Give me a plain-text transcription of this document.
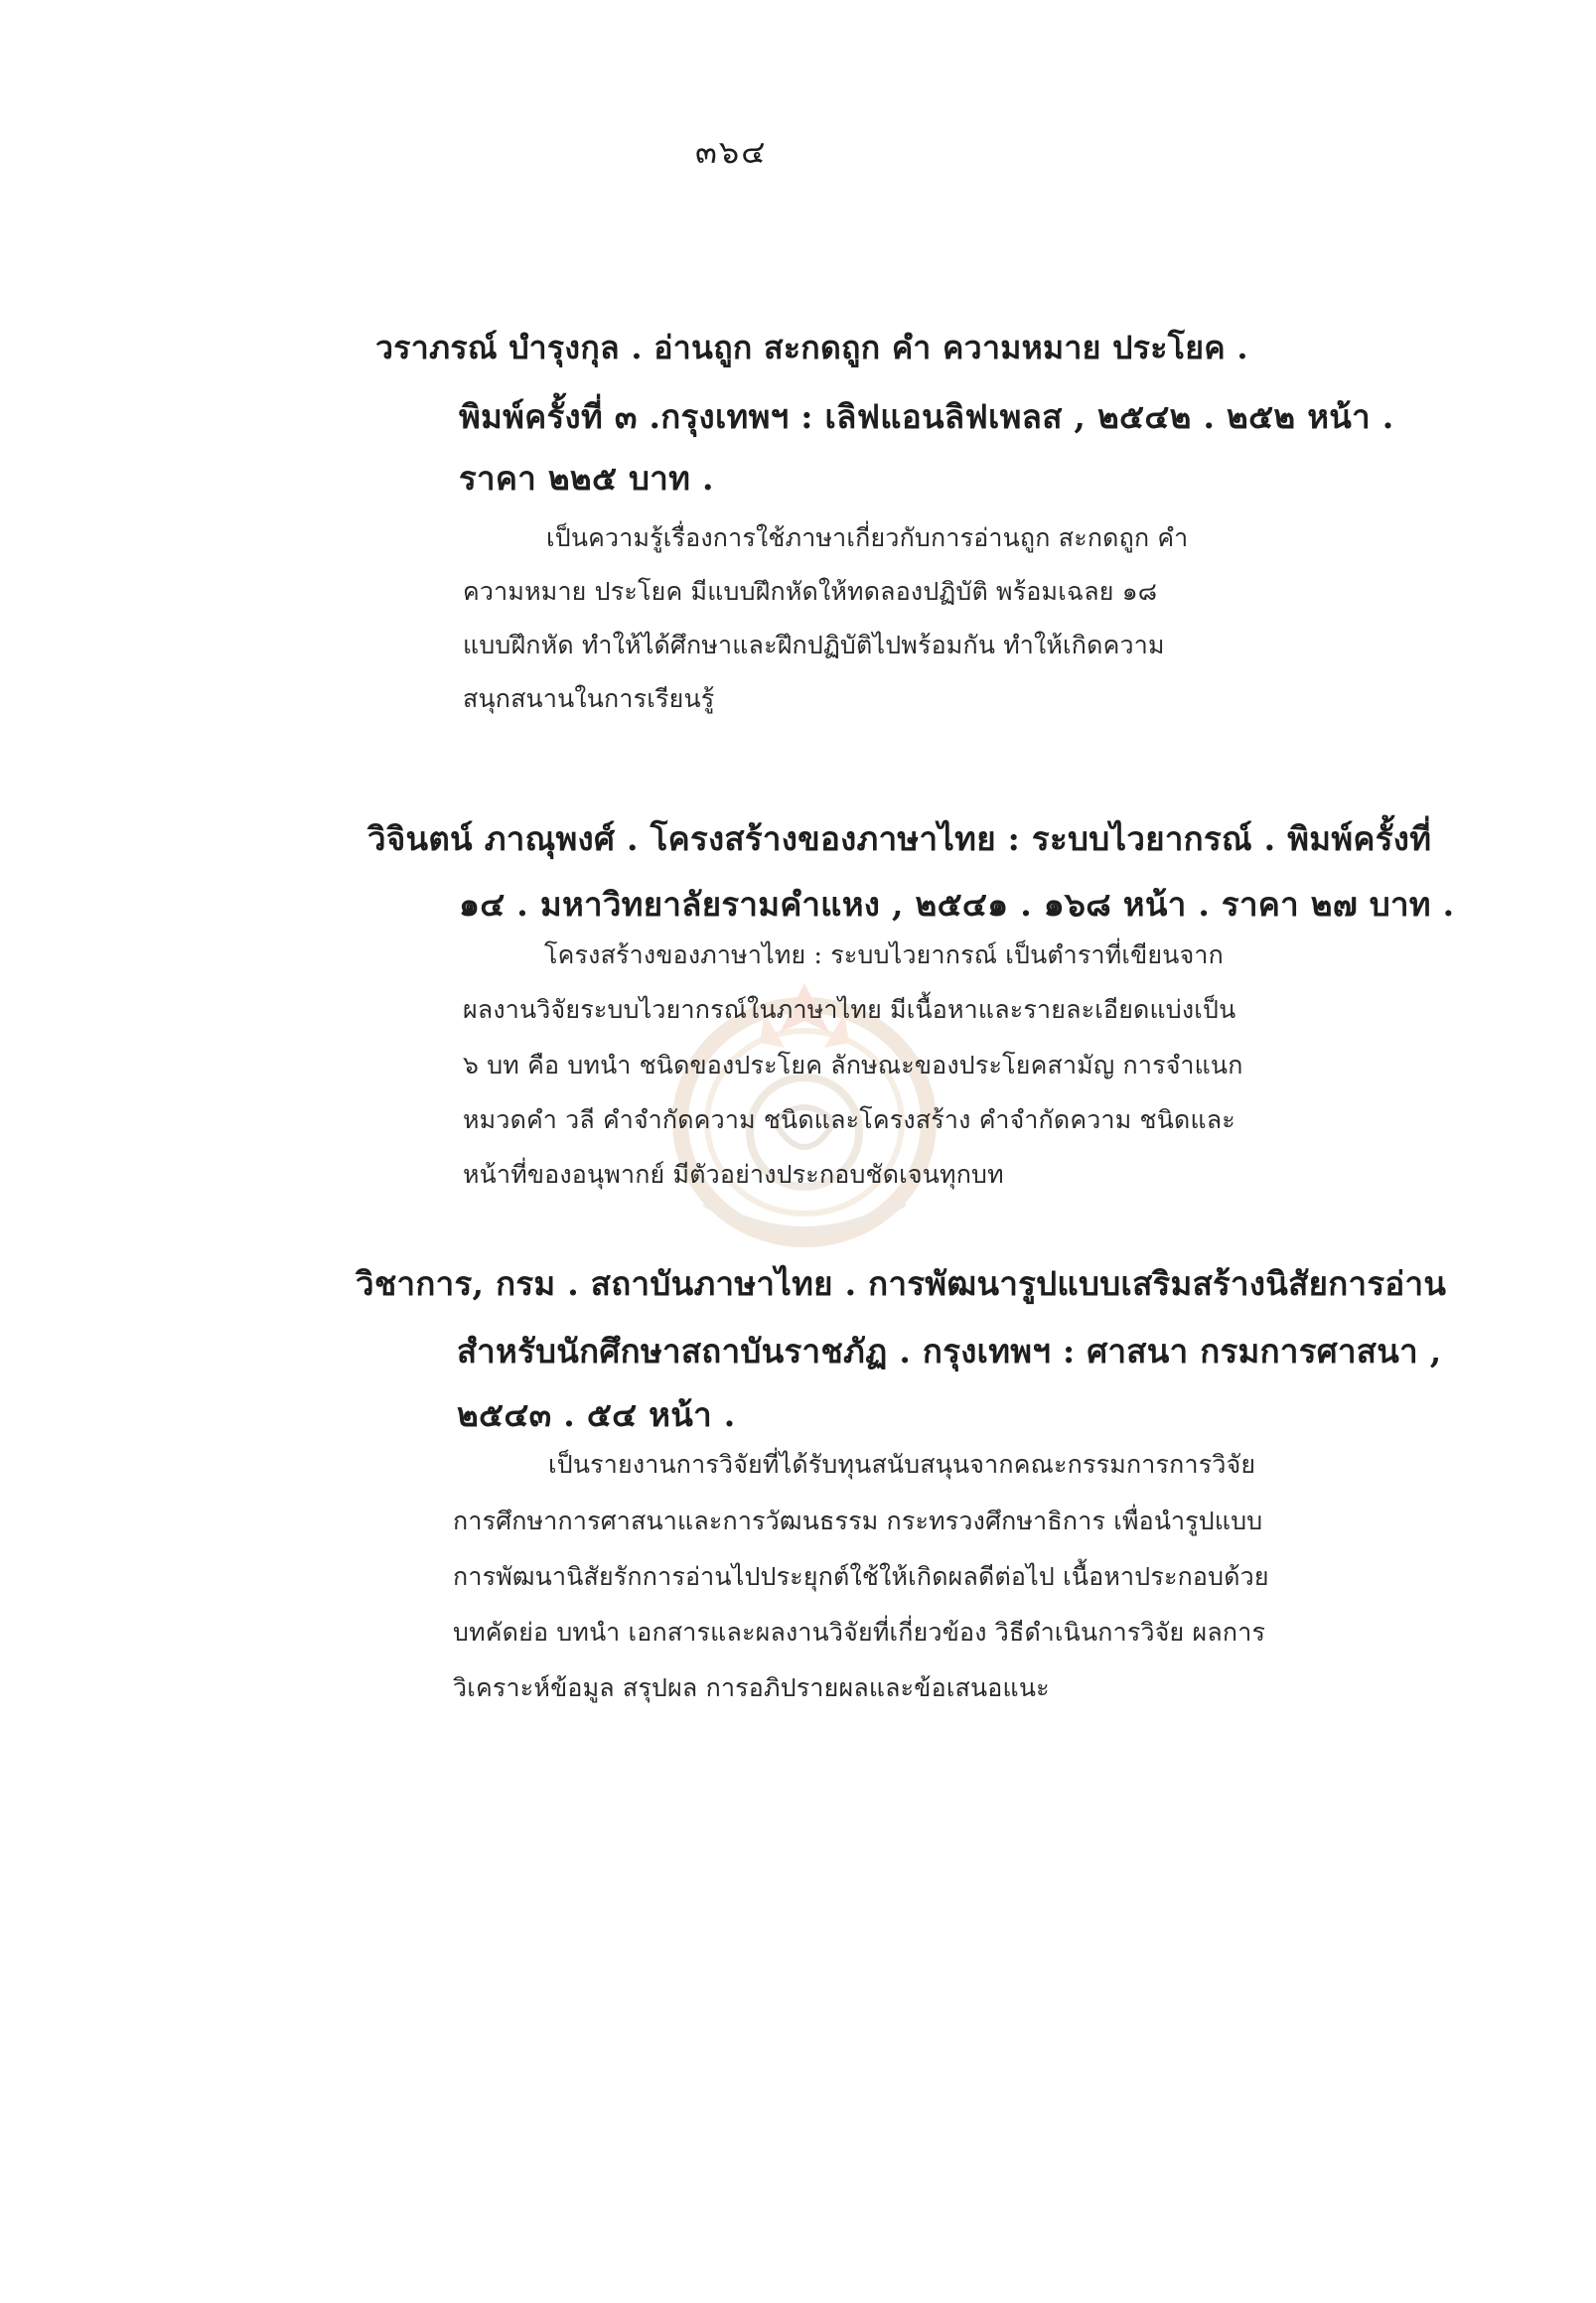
๓๖๔
วราภรณ์ บำรุงกุล . อ่านถูก สะกดถูก คำ ความหมาย ประโยค .
พิมพ์ครั้งที่ ๓ .กรุงเทพฯ : เลิฟแอนลิฟเพลส , ๒๕๔๒ . ๒๕๒ หน้า .
ราคา ๒๒๕ บาท .
เป็นความรู้เรื่องการใช้ภาษาเกี่ยวกับการอ่านถูก สะกดถูก คำ
ความหมาย ประโยค มีแบบฝึกหัดให้ทดลองปฏิบัติ พร้อมเฉลย ๑๘
แบบฝึกหัด ทำให้ได้ศึกษาและฝึกปฏิบัติไปพร้อมกัน ทำให้เกิดความ
สนุกสนานในการเรียนรู้
วิจินตน์ ภาณุพงศ์ . โครงสร้างของภาษาไทย : ระบบไวยากรณ์ . พิมพ์ครั้งที่
๑๔ . มหาวิทยาลัยรามคำแหง , ๒๕๔๑ . ๑๖๘ หน้า . ราคา ๒๗ บาท .
โครงสร้างของภาษาไทย : ระบบไวยากรณ์ เป็นตำราที่เขียนจาก
ผลงานวิจัยระบบไวยากรณ์ในภาษาไทย มีเนื้อหาและรายละเอียดแบ่งเป็น
๖ บท คือ บทนำ ชนิดของประโยค ลักษณะของประโยคสามัญ การจำแนก
หมวดคำ วลี คำจำกัดความ ชนิดและโครงสร้าง คำจำกัดความ ชนิดและ
หน้าที่ของอนุพากย์ มีตัวอย่างประกอบชัดเจนทุกบท
วิชาการ, กรม . สถาบันภาษาไทย . การพัฒนารูปแบบเสริมสร้างนิสัยการอ่าน
สำหรับนักศึกษาสถาบันราชภัฏ . กรุงเทพฯ : ศาสนา กรมการศาสนา ,
๒๕๔๓ . ๕๔ หน้า .
เป็นรายงานการวิจัยที่ได้รับทุนสนับสนุนจากคณะกรรมการการวิจัย
การศึกษาการศาสนาและการวัฒนธรรม กระทรวงศึกษาธิการ เพื่อนำรูปแบบ
การพัฒนานิสัยรักการอ่านไปประยุกต์ใช้ให้เกิดผลดีต่อไป เนื้อหาประกอบด้วย
บทคัดย่อ บทนำ เอกสารและผลงานวิจัยที่เกี่ยวข้อง วิธีดำเนินการวิจัย ผลการ
วิเคราะห์ข้อมูล สรุปผล การอภิปรายผลและข้อเสนอแนะ
